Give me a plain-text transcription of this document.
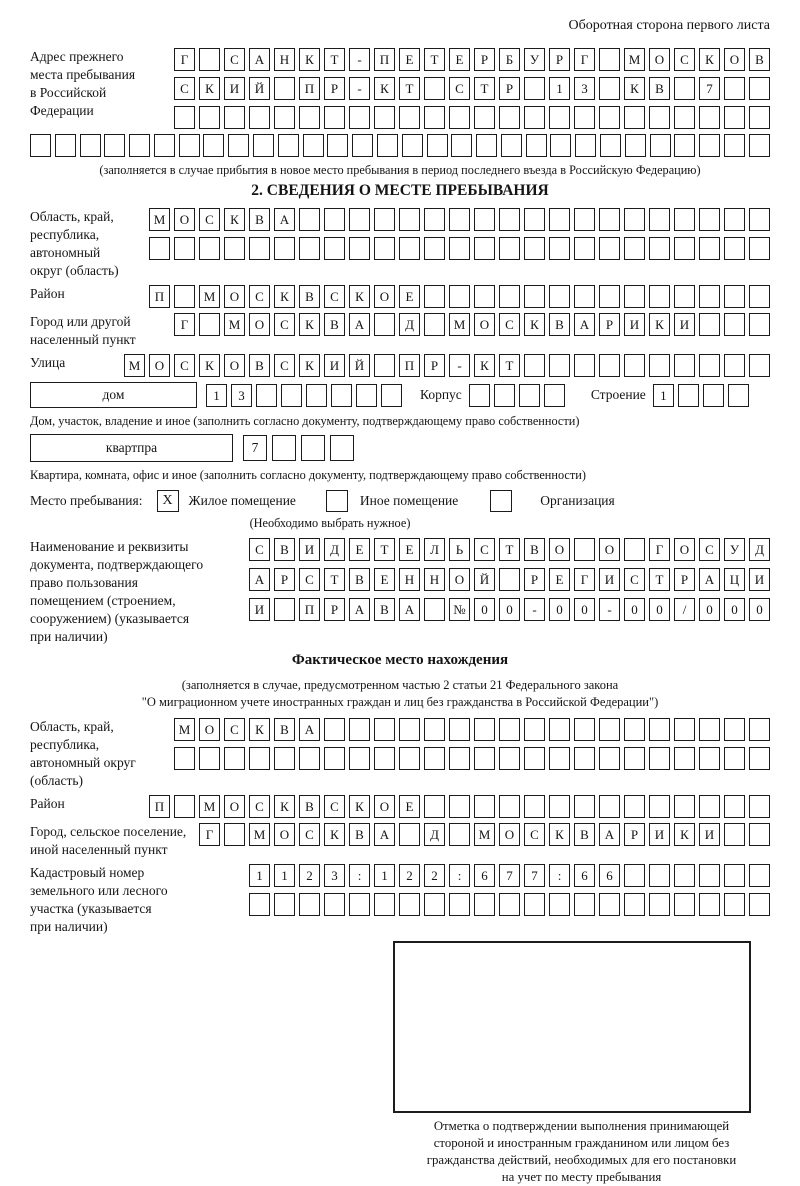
Оборотная сторона первого листа
Адрес прежнего
места пребывания
в Российской
Федерации
Г	С	А	Н	К	Т	-	П	Е	Т	Е	Р	Б	У	Р	Г	М	О	С	К	О	В
С	К	И	Й	П	Р	-	К	Т	С	Т	Р	1	3	К	В	7
(заполняется в случае прибытия в новое место пребывания в период последнего въезда в Российскую Федерацию)
2. СВЕДЕНИЯ О МЕСТЕ ПРЕБЫВАНИЯ
Область, край,
республика,
автономный
округ (область)
М	О	С	К	В	А
Район	П	М	О	С	К	В	С	К	О	Е
Город или другой
населенный пункт
Г	М	О	С	К	В	А	Д	М	О	С	К	В	А	Р	И	К	И
Улица	М	О	С	К	О	В	С	К	И	Й	П	Р	-	К	Т
дом	1	3	Корпус	Строение	1
Дом, участок, владение и иное (заполнить согласно документу, подтверждающему право собственности)
квартпра	7
Квартира, комната, офис и иное (заполнить согласно документу, подтверждающему право собственности)
Место пребывания:	X	Жилое помещение	Иное помещение	Организация
(Необходимо выбрать нужное)
Наименование и реквизиты
документа, подтверждающего
право пользования
помещением (строением,
сооружением) (указывается
при наличии)
С	В	И	Д	Е	Т	Е	Л	Ь	С	Т	В	О	О	Г	О	С	У	Д
А	Р	С	Т	В	Е	Н	Н	О	Й	Р	Е	Г	И	С	Т	Р	А	Ц	И
И	П	Р	А	В	А	№	0	0	-	0	0	-	0	0	/	0	0	0
Фактическое место нахождения
(заполняется в случае, предусмотренном частью 2 статьи 21 Федерального закона
"О миграционном учете иностранных граждан и лиц без гражданства в Российской Федерации")
Область, край,
республика,
автономный округ
(область)
М	О	С	К	В	А
Район	П	М	О	С	К	В	С	К	О	Е
Город, сельское поселение,
иной населенный пункт
Г	М	О	С	К	В	А	Д	М	О	С	К	В	А	Р	И	К	И
Кадастровый номер
земельного или лесного
участка (указывается
при наличии)
1	1	2	3	:	1	2	2	:	6	7	7	:	6	6
Отметка о подтверждении выполнения принимающей
стороной и иностранным гражданином или лицом без
гражданства действий, необходимых для его постановки
на учет по месту пребывания
